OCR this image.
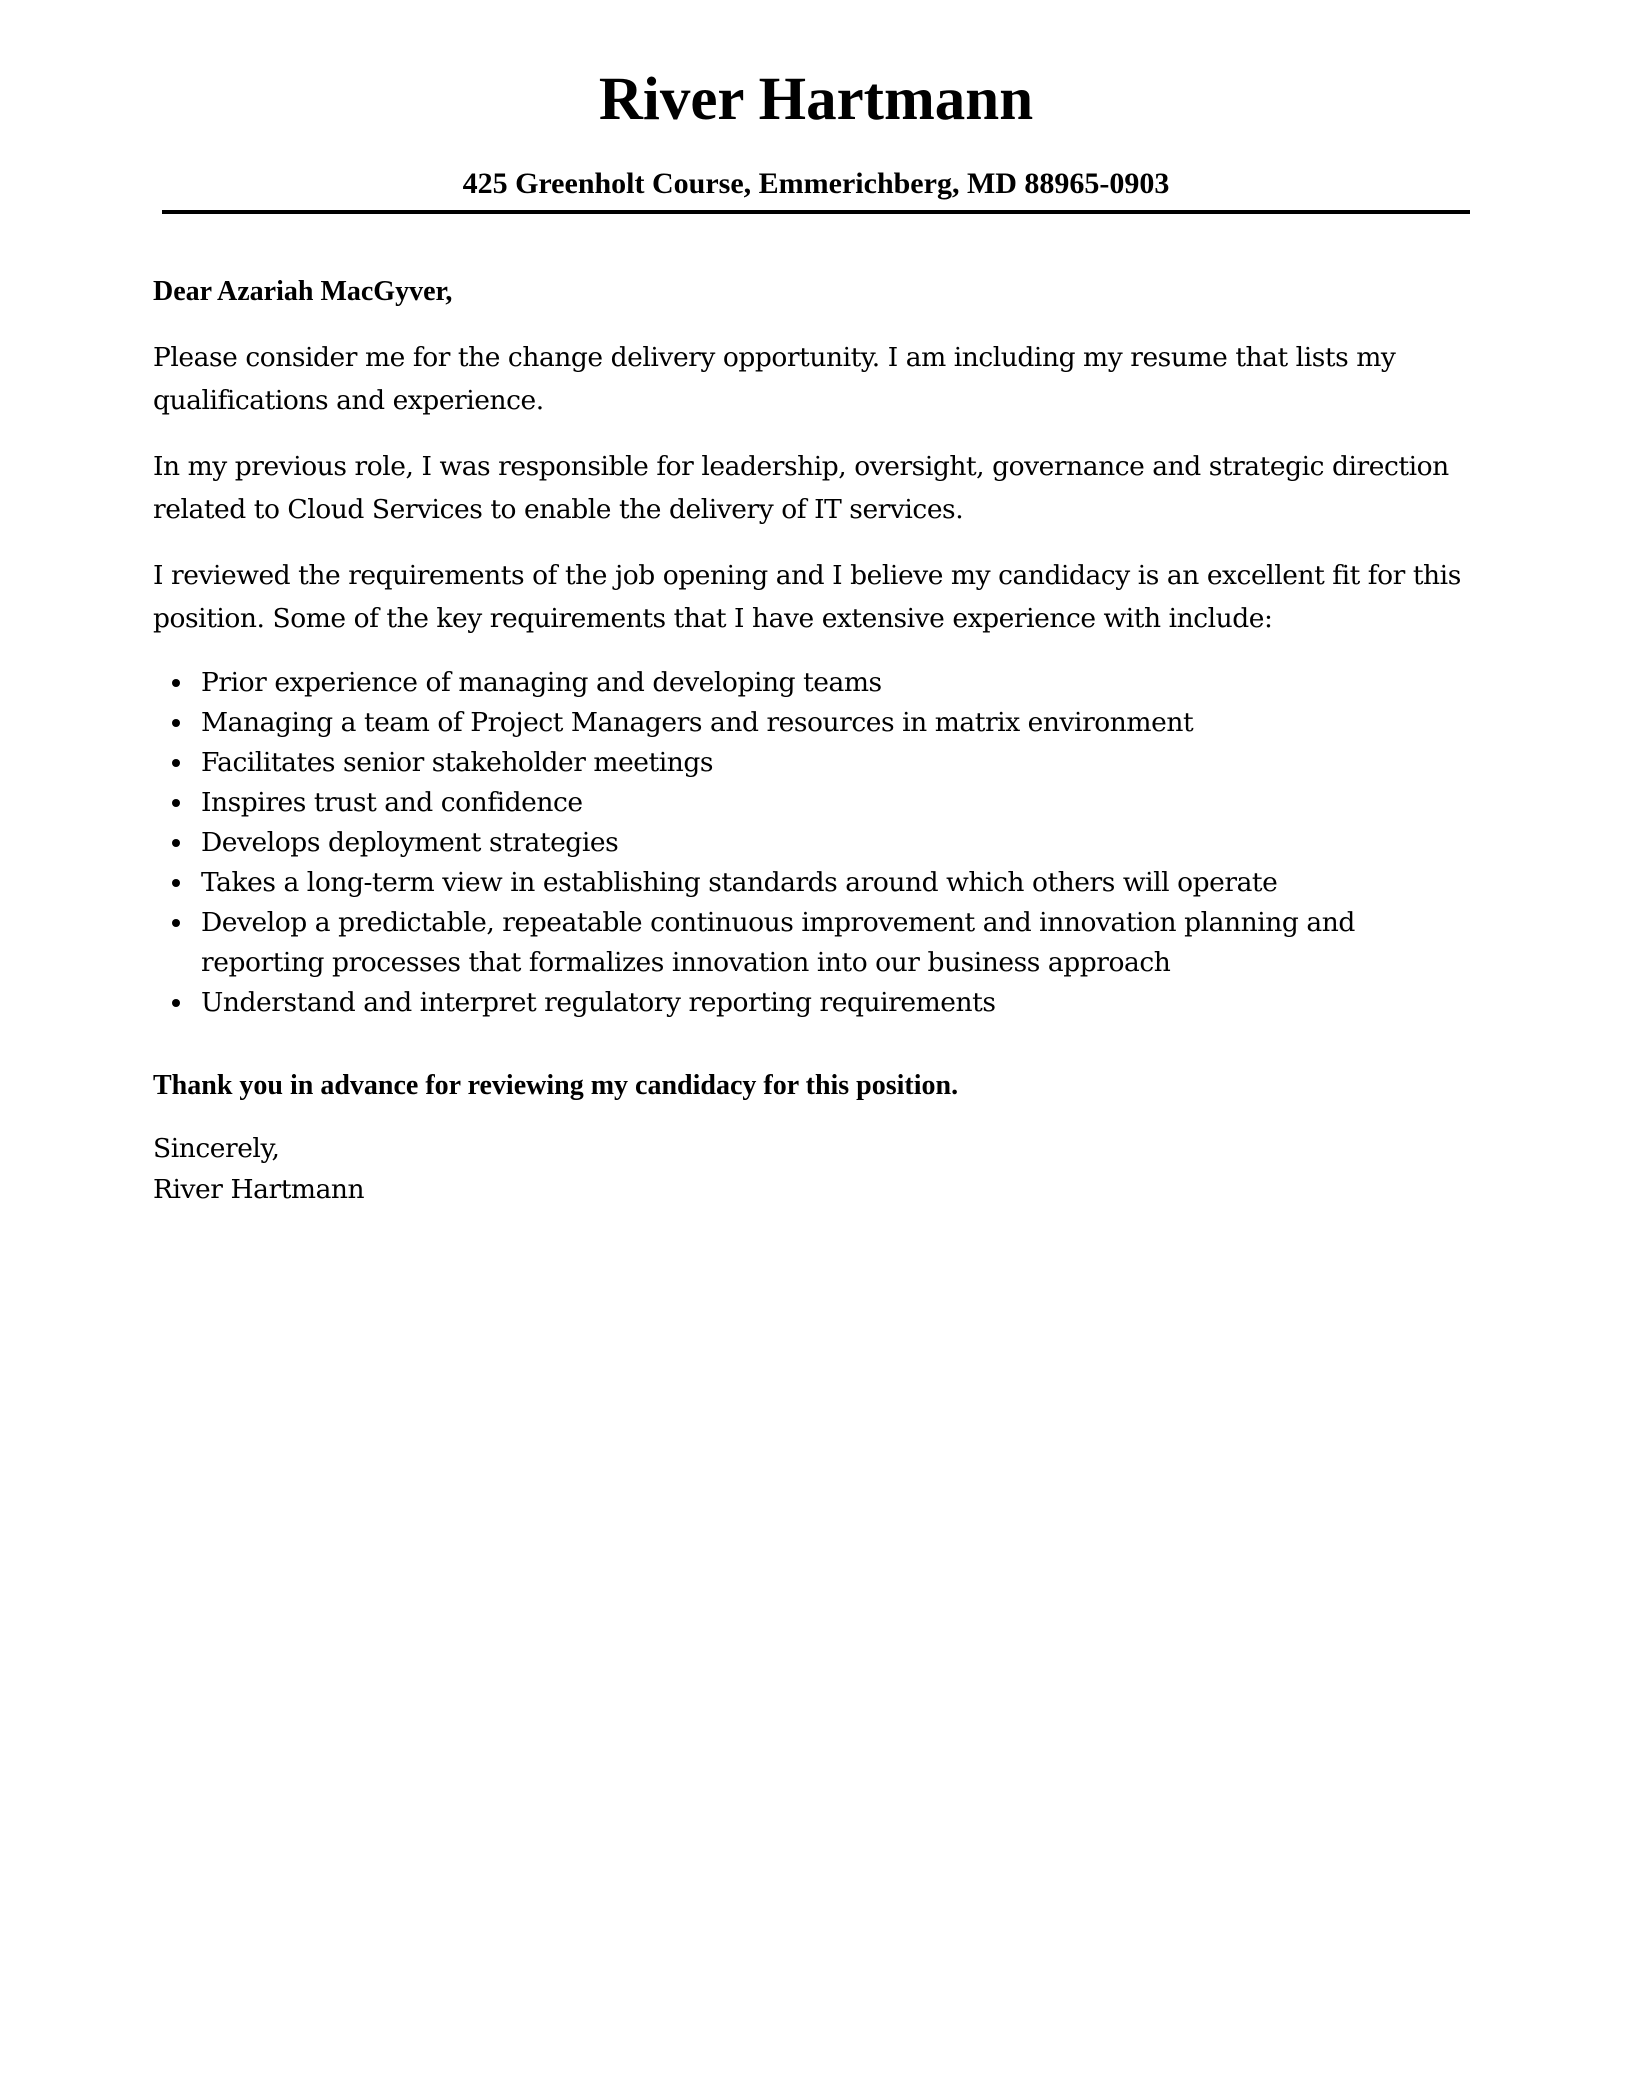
River Hartmann
425 Greenholt Course, Emmerichberg, MD 88965-0903

Dear Azariah MacGyver,

Please consider me for the change delivery opportunity. I am including my resume that lists my qualifications and experience.

In my previous role, I was responsible for leadership, oversight, governance and strategic direction related to Cloud Services to enable the delivery of IT services.

I reviewed the requirements of the job opening and I believe my candidacy is an excellent fit for this position. Some of the key requirements that I have extensive experience with include:

Prior experience of managing and developing teams
Managing a team of Project Managers and resources in matrix environment
Facilitates senior stakeholder meetings
Inspires trust and confidence
Develops deployment strategies
Takes a long-term view in establishing standards around which others will operate
Develop a predictable, repeatable continuous improvement and innovation planning and reporting processes that formalizes innovation into our business approach
Understand and interpret regulatory reporting requirements

Thank you in advance for reviewing my candidacy for this position.

Sincerely,

River Hartmann
